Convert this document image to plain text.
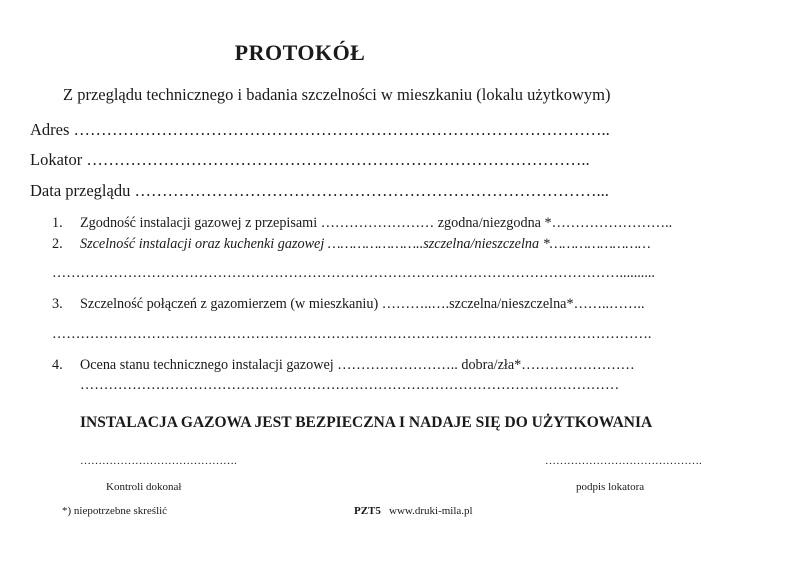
PROTOKÓŁ
Z przeglądu technicznego i badania szczelności w mieszkaniu (lokalu użytkowym)
Adres ……………………………………………………………………………………..
Lokator ………………………………………………………………………………..
Data przeglądu …………………………………………………………………………...
1. Zgodność instalacji gazowej z przepisami …………………… zgodna/niezgodna *……………………..
2. Szcelność instalacji oraz kuchenki gazowej …………………..szczelna/nieszczelna *……………………
…………………………………………………………………………………………………………..........
3. Szczelność połączeń z gazomierzem (w mieszkaniu) ………..….szczelna/nieszczelna*……..……..
……………………………………………………………………………………………………………….
4. Ocena stanu technicznego instalacji gazowej …………………….. dobra/zła*……………………
……………………………………………………………………………………………………
INSTALACJA GAZOWA JEST BEZPIECZNA I NADAJE SIĘ DO UŻYTKOWANIA
…………………………………….	…………………………………….
Kontroli dokonał	podpis lokatora
*) niepotrzebne skreślić	PZT5 www.druki-mila.pl
